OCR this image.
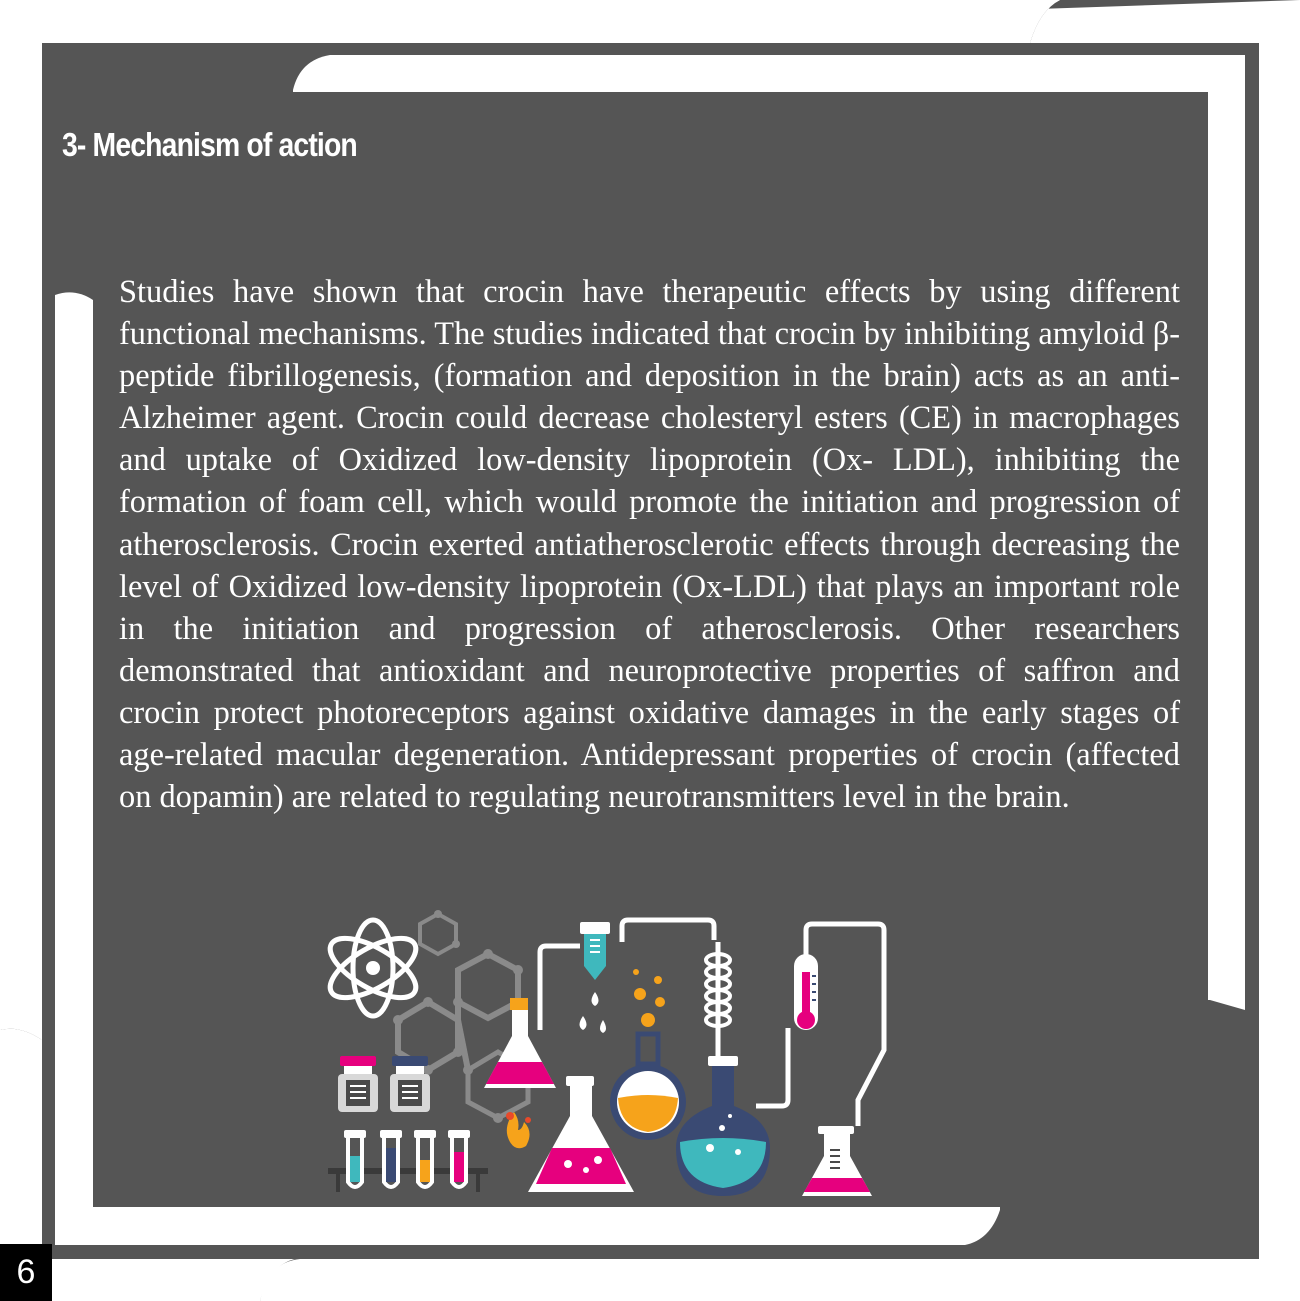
3- Mechanism of action

Studies have shown that crocin have therapeutic effects by using different functional mechanisms. The studies indicated that crocin by inhibiting amyloid β-peptide fibrillogenesis, (formation and deposition in the brain) acts as an anti-Alzheimer agent. Crocin could decrease cholesteryl esters (CE) in macrophages and uptake of Oxidized low-density lipoprotein (Ox- LDL), inhibiting the formation of foam cell, which would promote the initiation and progression of atherosclerosis. Crocin exerted antiatherosclerotic effects through decreasing the level of Oxidized low-density lipoprotein (Ox-LDL) that plays an important role in the initiation and progression of atherosclerosis. Other researchers demonstrated that antioxidant and neuroprotective properties of saffron and crocin protect photoreceptors against oxidative damages in the early stages of age-related macular degeneration. Antidepressant properties of crocin (affected on dopamin) are related to regulating neurotransmitters level in the brain.

6
